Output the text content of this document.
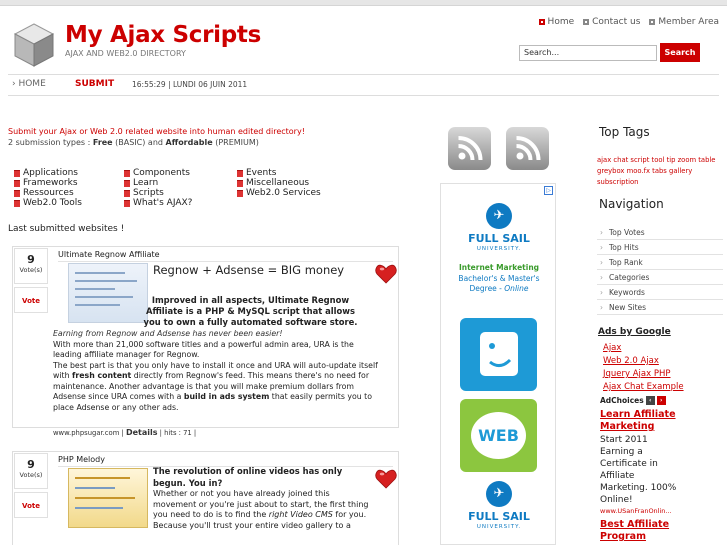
My Ajax Scripts
AJAX AND WEB2.0 DIRECTORY
Home Contact us Member Area
Search...	Search
› HOME	SUBMIT 16:55:29 | LUNDI 06 JUIN 2011
Submit your Ajax or Web 2.0 related website into human edited directory!
2 submission types : Free (BASIC) and Affordable (PREMIUM)
Applications
Frameworks
Ressources
Web2.0 Tools
Components
Learn
Scripts
What's AJAX?
Events
Miscellaneous
Web2.0 Services
Last submitted websites !
9
Vote(s)
Vote
Ultimate Regnow Affiliate
Regnow + Adsense = BIG money
Improved in all aspects, Ultimate Regnow Affiliate is a PHP & MySQL script that allows you to own a fully automated software store.
Earning from Regnow and Adsense has never been easier!
With more than 21,000 software titles and a powerful admin area, URA is the leading affiliate manager for Regnow.
The best part is that you only have to install it once and URA will auto-update itself with fresh content directly from Regnow's feed. This means there's no need for maintenance. Another advantage is that you will make premium dollars from Adsense since URA comes with a build in ads system that easily permits you to place Adsense or any other ads.
www.phpsugar.com | Details | hits : 71 |
9
Vote(s)
Vote
PHP Melody
The revolution of online videos has only begun. You in?
Whether or not you have already joined this movement or you're just about to start, the first thing you need to do is to find the right Video CMS for you.
Because you'll trust your entire video gallery to a
▷
✈
FULL SAIL
UNIVERSITY.
Internet Marketing
Bachelor's & Master's
Degree - Online
WEB
✈
FULL SAIL
UNIVERSITY.
Top Tags
ajax chat script tool tip zoom table greybox moo.fx tabs gallery subscription
Navigation
› Top Votes
› Top Hits
› Top Rank
› Categories
› Keywords
› New Sites
Ads by Google
Ajax
Web 2.0 Ajax
Jquery Ajax PHP
Ajax Chat Example
AdChoices ‹	›
Learn Affiliate
Marketing
Start 2011
Earning a
Certificate in
Affiliate
Marketing. 100%
Online!
www.USanFranOnlin...
Best Affiliate
Program
